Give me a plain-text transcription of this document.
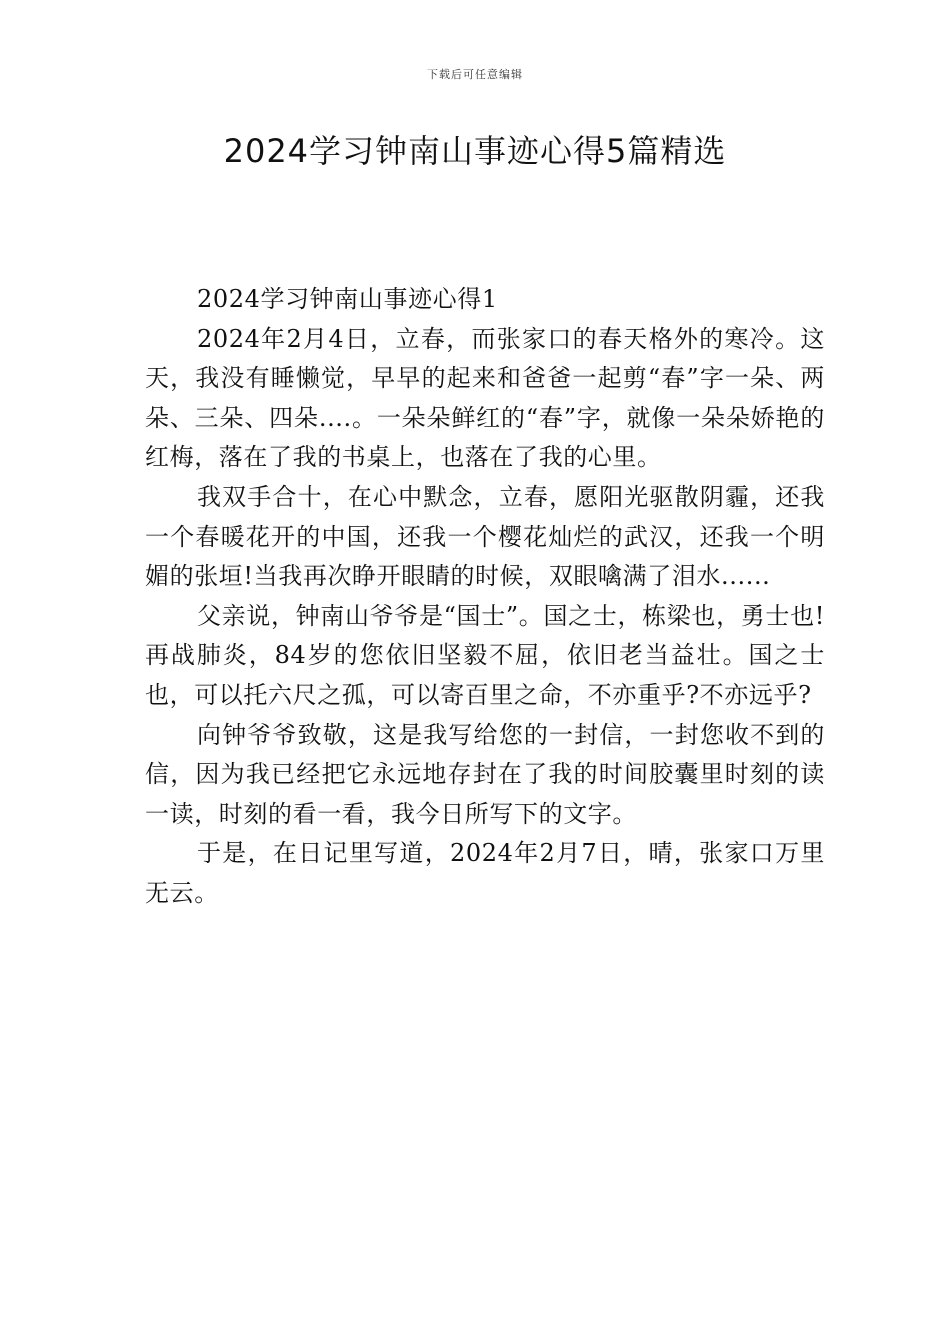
下载后可任意编辑
2024学习钟南山事迹心得5篇精选

2024学习钟南山事迹心得1

2024年2月4日，立春，而张家口的春天格外的寒冷。这天，我没有睡懒觉，早早的起来和爸爸一起剪“春”字一朵、两朵、三朵、四朵....。一朵朵鲜红的“春”字，就像一朵朵娇艳的红梅，落在了我的书桌上，也落在了我的心里。

我双手合十，在心中默念，立春，愿阳光驱散阴霾，还我一个春暖花开的中国，还我一个樱花灿烂的武汉，还我一个明媚的张垣!当我再次睁开眼睛的时候，双眼噙满了泪水......

父亲说，钟南山爷爷是“国士”。国之士，栋梁也，勇士也!再战肺炎，84岁的您依旧坚毅不屈，依旧老当益壮。国之士也，可以托六尺之孤，可以寄百里之命，不亦重乎?不亦远乎?

向钟爷爷致敬，这是我写给您的一封信，一封您收不到的信，因为我已经把它永远地存封在了我的时间胶囊里时刻的读一读，时刻的看一看，我今日所写下的文字。

于是，在日记里写道，2024年2月7日，晴，张家口万里无云。
